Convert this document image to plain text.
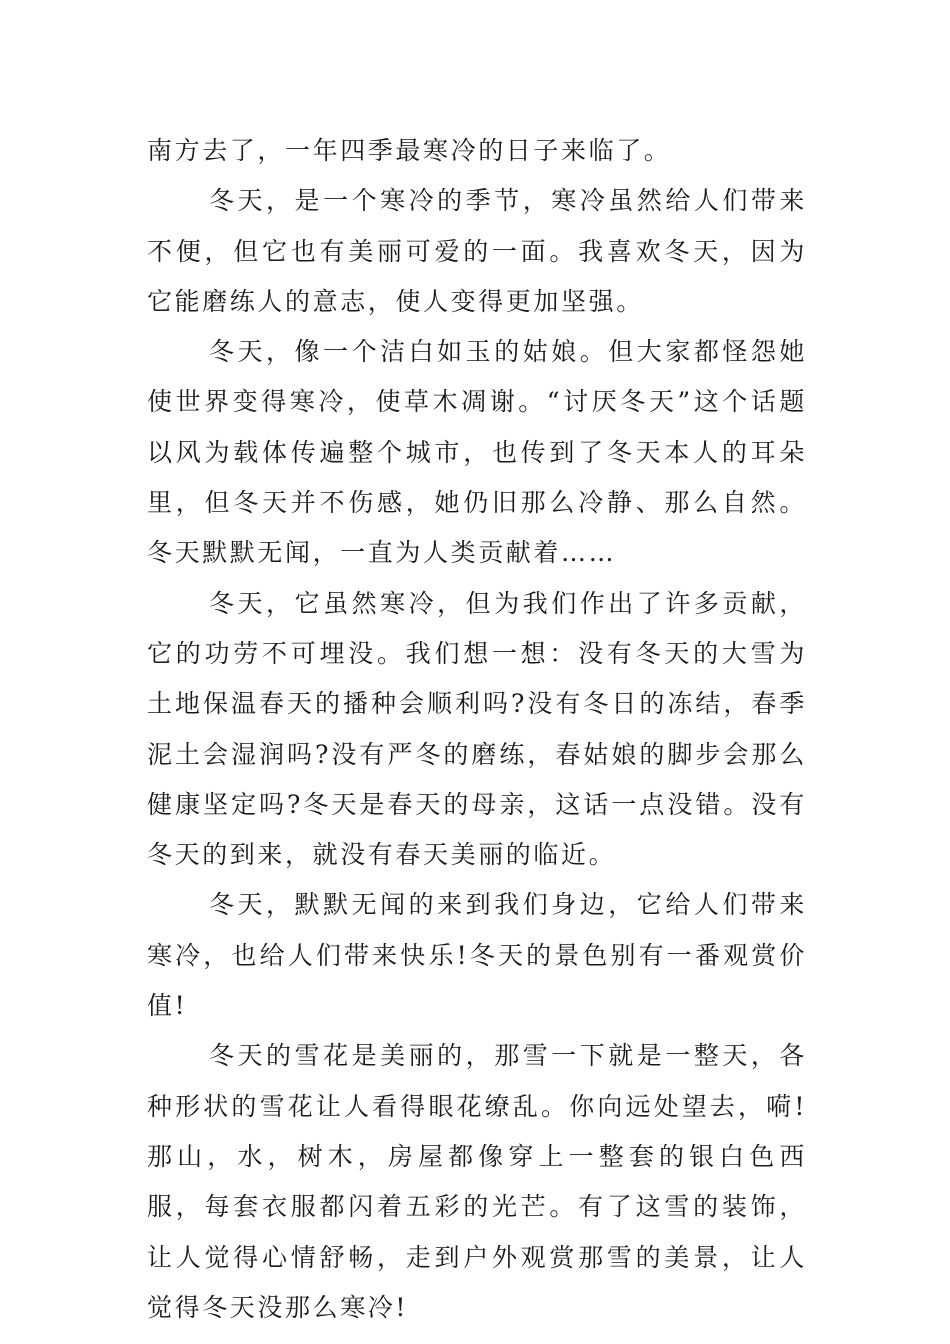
南方去了，一年四季最寒冷的日子来临了。

冬天，是一个寒冷的季节，寒冷虽然给人们带来不便，但它也有美丽可爱的一面。我喜欢冬天，因为它能磨练人的意志，使人变得更加坚强。

冬天，像一个洁白如玉的姑娘。但大家都怪怨她使世界变得寒冷，使草木凋谢。“讨厌冬天”这个话题以风为载体传遍整个城市，也传到了冬天本人的耳朵里，但冬天并不伤感，她仍旧那么冷静、那么自然。冬天默默无闻，一直为人类贡献着……

冬天，它虽然寒冷，但为我们作出了许多贡献，它的功劳不可埋没。我们想一想：没有冬天的大雪为土地保温春天的播种会顺利吗?没有冬日的冻结，春季泥土会湿润吗?没有严冬的磨练，春姑娘的脚步会那么健康坚定吗?冬天是春天的母亲，这话一点没错。没有冬天的到来，就没有春天美丽的临近。

冬天，默默无闻的来到我们身边，它给人们带来寒冷，也给人们带来快乐!冬天的景色别有一番观赏价值!

冬天的雪花是美丽的，那雪一下就是一整天，各种形状的雪花让人看得眼花缭乱。你向远处望去，嗬!那山，水，树木，房屋都像穿上一整套的银白色西服，每套衣服都闪着五彩的光芒。有了这雪的装饰，让人觉得心情舒畅，走到户外观赏那雪的美景，让人觉得冬天没那么寒冷!
